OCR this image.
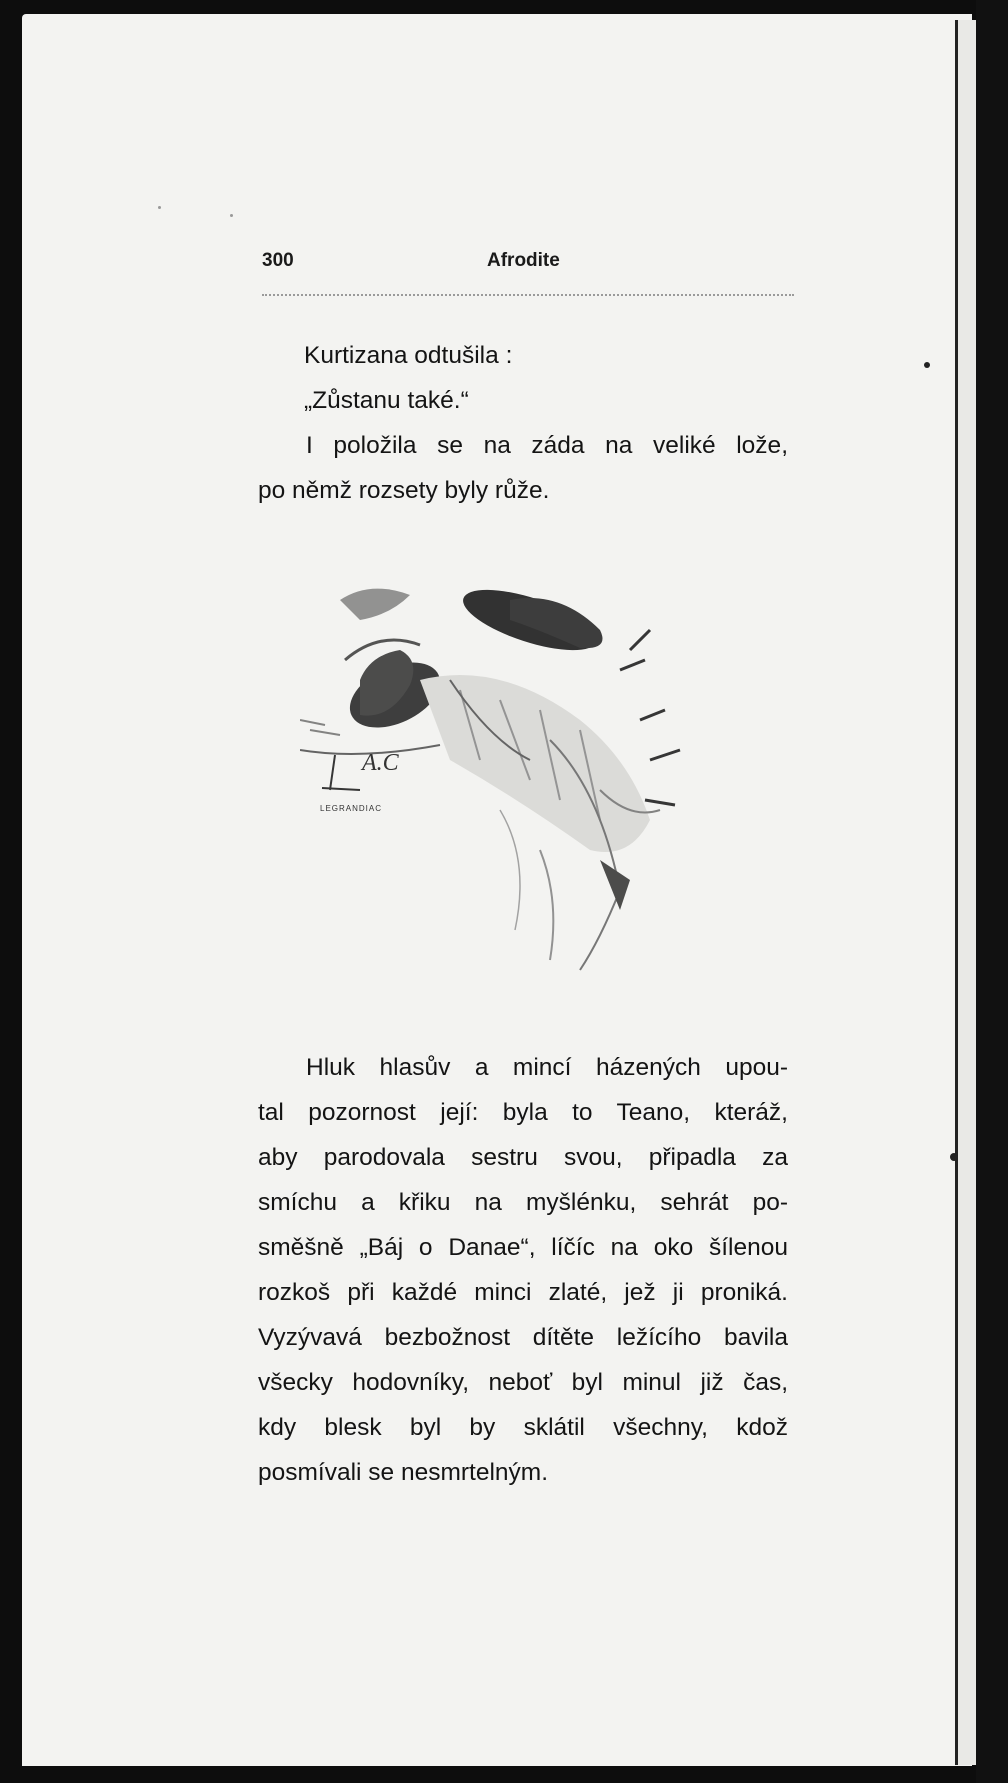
300	Afrodite
Kurtizana odtušila :
„Zůstanu také.“
I položila se na záda na veliké lože,
po němž rozsety byly růže.
A.C
LEGRANDIAC
Hluk hlasův a mincí házených upou-
tal pozornost její: byla to Teano, kteráž,
aby parodovala sestru svou, připadla za
smíchu a křiku na myšlénku, sehrát po-
směšně „Báj o Danae“, líčíc na oko šílenou
rozkoš při každé minci zlaté, jež ji proniká.
Vyzývavá bezbožnost dítěte ležícího bavila
všecky hodovníky, neboť byl minul již čas,
kdy blesk byl by sklátil všechny, kdož
posmívali se nesmrtelným.
